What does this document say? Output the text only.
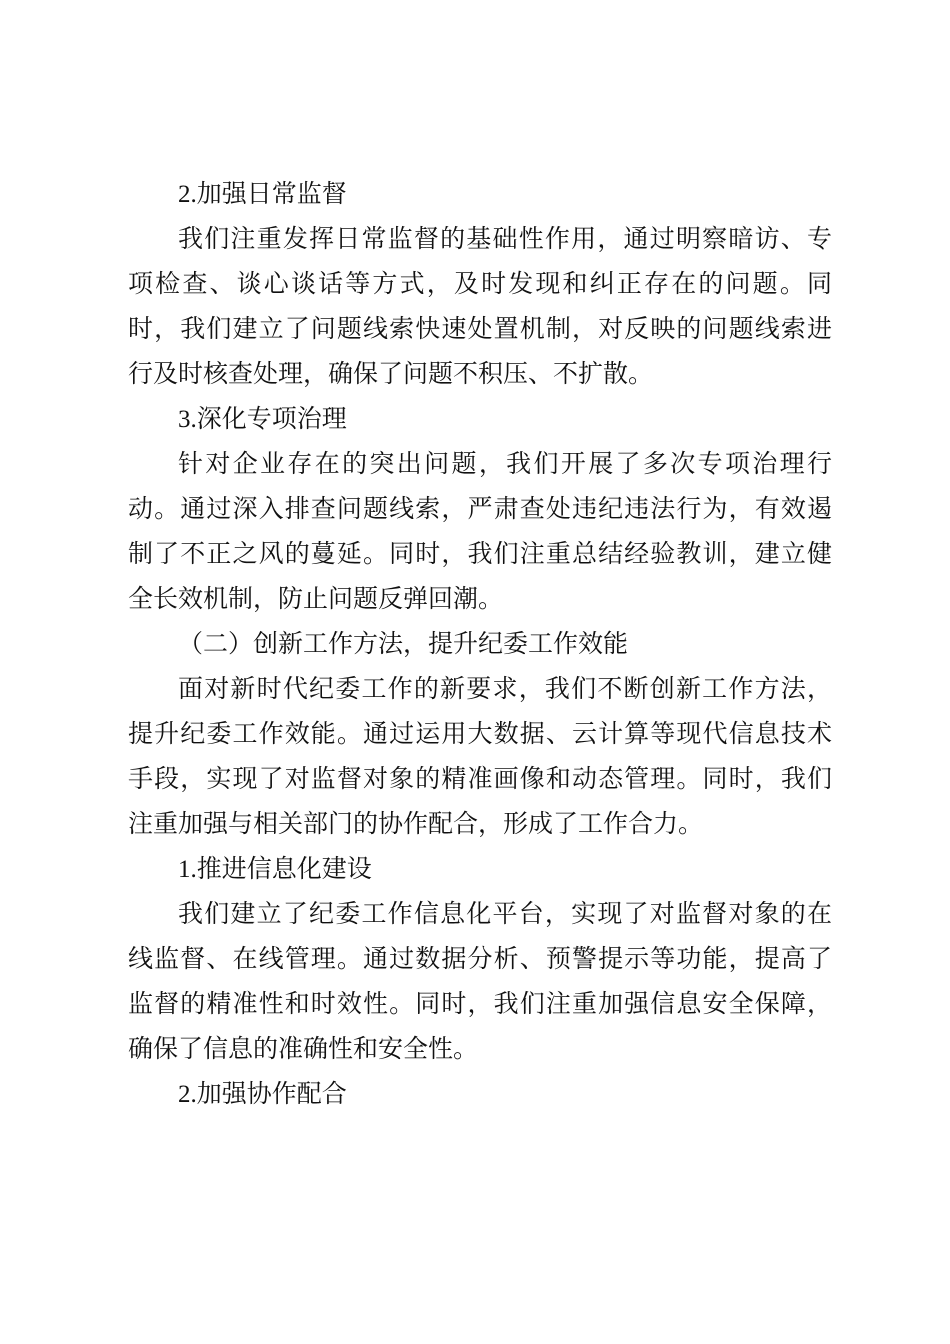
2.加强日常监督
我们注重发挥日常监督的基础性作用，通过明察暗访、专
项检查、谈心谈话等方式，及时发现和纠正存在的问题。同
时，我们建立了问题线索快速处置机制，对反映的问题线索进
行及时核查处理，确保了问题不积压、不扩散。
3.深化专项治理
针对企业存在的突出问题，我们开展了多次专项治理行
动。通过深入排查问题线索，严肃查处违纪违法行为，有效遏
制了不正之风的蔓延。同时，我们注重总结经验教训，建立健
全长效机制，防止问题反弹回潮。
（二）创新工作方法，提升纪委工作效能
面对新时代纪委工作的新要求，我们不断创新工作方法，
提升纪委工作效能。通过运用大数据、云计算等现代信息技术
手段，实现了对监督对象的精准画像和动态管理。同时，我们
注重加强与相关部门的协作配合，形成了工作合力。
1.推进信息化建设
我们建立了纪委工作信息化平台，实现了对监督对象的在
线监督、在线管理。通过数据分析、预警提示等功能，提高了
监督的精准性和时效性。同时，我们注重加强信息安全保障，
确保了信息的准确性和安全性。
2.加强协作配合
